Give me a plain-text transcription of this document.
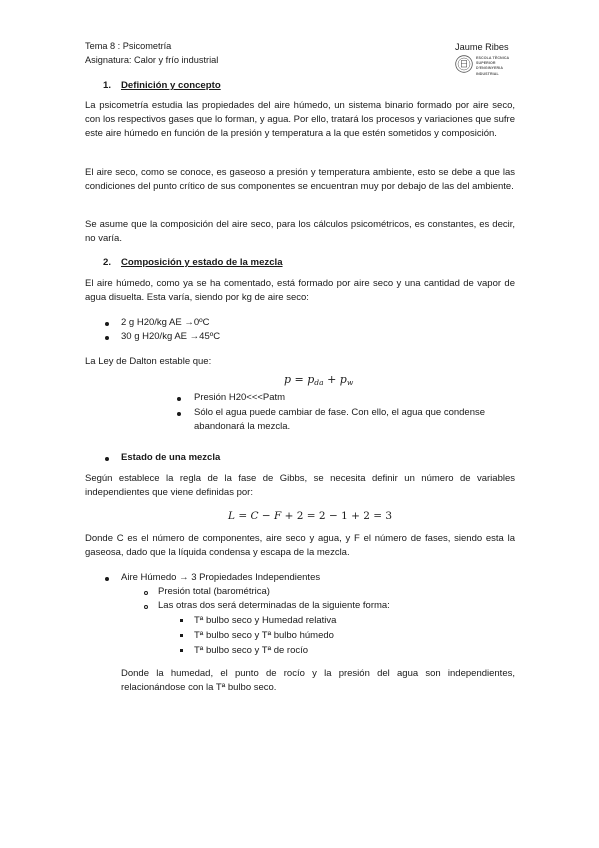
Tema 8 : Psicometría
Asignatura: Calor y frío industrial
Jaume Ribes
ESCOLA TÈCNICA SUPERIOR D'ENGINYERIA INDUSTRIAL
1. Definición y concepto
La psicometría estudia las propiedades del aire húmedo, un sistema binario formado por aire seco, con los respectivos gases que lo forman, y agua. Por ello, tratará los procesos y variaciones que sufre este aire húmedo en función de la presión y temperatura a la que estén sometidos y composición.
El aire seco, como se conoce, es gaseoso a presión y temperatura ambiente, esto se debe a que las condiciones del punto crítico de sus componentes se encuentran muy por debajo de las del ambiente.
Se asume que la composición del aire seco, para los cálculos psicométricos, es constantes, es decir, no varía.
2. Composición y estado de la mezcla
El aire húmedo, como ya se ha comentado, está formado por aire seco y una cantidad de vapor de agua disuelta. Esta varía, siendo por kg de aire seco:
2 g H20/kg AE →0ºC
30 g H20/kg AE →45ºC
La Ley de Dalton estable que:
$p = p_{da} + p_w$
Presión H20<<<Patm
Sólo el agua puede cambiar de fase. Con ello, el agua que condense abandonará la mezcla.
Estado de una mezcla
Según establece la regla de la fase de Gibbs, se necesita definir un número de variables independientes que viene definidas por:
L = C − F + 2 = 2 − 1 + 2 = 3
Donde C es el número de componentes, aire seco y agua, y F el número de fases, siendo esta la gaseosa, dado que la líquida condensa y escapa de la mezcla.
Aire Húmedo → 3 Propiedades Independientes
Presión total (barométrica)
Las otras dos será determinadas de la siguiente forma:
Tª bulbo seco y Humedad relativa
Tª bulbo seco y Tª bulbo húmedo
Tª bulbo seco y Tª de rocío
Donde la humedad, el punto de rocío y la presión del agua son independientes, relacionándose con la Tª bulbo seco.
